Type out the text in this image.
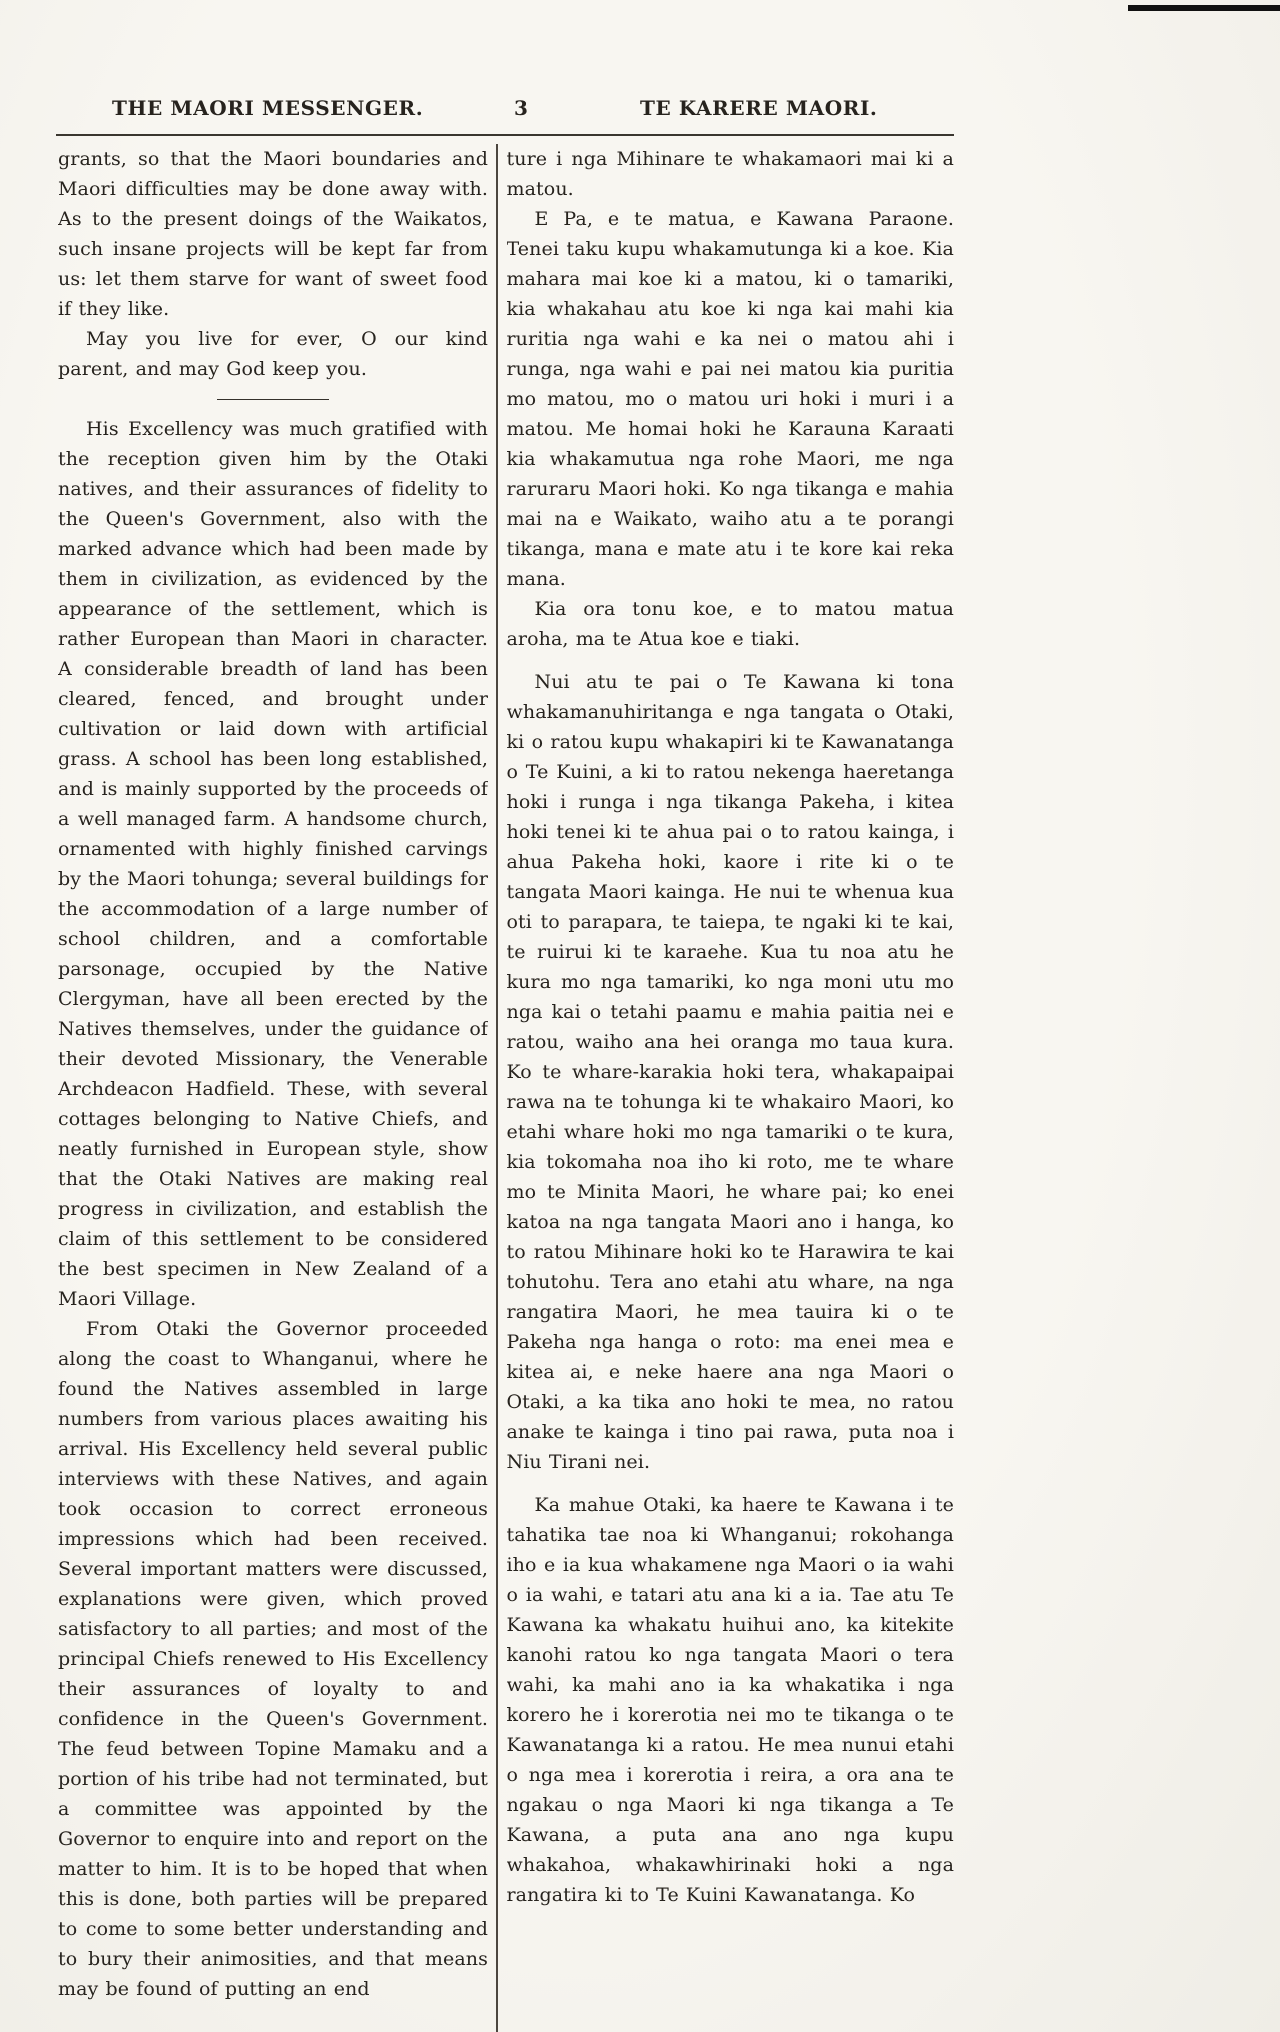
THE MAORI MESSENGER.	3	TE KARERE MAORI.

grants, so that the Maori boundaries and Maori difficulties may be done away with. As to the present doings of the Waikatos, such insane projects will be kept far from us: let them starve for want of sweet food if they like.

May you live for ever, O our kind parent, and may God keep you.

His Excellency was much gratified with the reception given him by the Otaki natives, and their assurances of fidelity to the Queen's Government, also with the marked advance which had been made by them in civilization, as evidenced by the appearance of the settlement, which is rather European than Maori in character. A considerable breadth of land has been cleared, fenced, and brought under cultivation or laid down with artificial grass. A school has been long established, and is mainly supported by the proceeds of a well managed farm. A handsome church, ornamented with highly finished carvings by the Maori tohunga; several buildings for the accommodation of a large number of school children, and a comfortable parsonage, occupied by the Native Clergyman, have all been erected by the Natives themselves, under the guidance of their devoted Missionary, the Venerable Archdeacon Hadfield. These, with several cottages belonging to Native Chiefs, and neatly furnished in European style, show that the Otaki Natives are making real progress in civilization, and establish the claim of this settlement to be considered the best specimen in New Zealand of a Maori Village.

From Otaki the Governor proceeded along the coast to Whanganui, where he found the Natives assembled in large numbers from various places awaiting his arrival. His Excellency held several public interviews with these Natives, and again took occasion to correct erroneous impressions which had been received. Several important matters were discussed, explanations were given, which proved satisfactory to all parties; and most of the principal Chiefs renewed to His Excellency their assurances of loyalty to and confidence in the Queen's Government. The feud between Topine Mamaku and a portion of his tribe had not terminated, but a committee was appointed by the Governor to enquire into and report on the matter to him. It is to be hoped that when this is done, both parties will be prepared to come to some better understanding and to bury their animosities, and that means may be found of putting an end

ture i nga Mihinare te whakamaori mai ki a matou.

E Pa, e te matua, e Kawana Paraone. Tenei taku kupu whakamutunga ki a koe. Kia mahara mai koe ki a matou, ki o tamariki, kia whakahau atu koe ki nga kai mahi kia ruritia nga wahi e ka nei o matou ahi i runga, nga wahi e pai nei matou kia puritia mo matou, mo o matou uri hoki i muri i a matou. Me homai hoki he Karauna Karaati kia whakamutua nga rohe Maori, me nga raruraru Maori hoki. Ko nga tikanga e mahia mai na e Waikato, waiho atu a te porangi tikanga, mana e mate atu i te kore kai reka mana.

Kia ora tonu koe, e to matou matua aroha, ma te Atua koe e tiaki.

Nui atu te pai o Te Kawana ki tona whakamanuhiritanga e nga tangata o Otaki, ki o ratou kupu whakapiri ki te Kawanatanga o Te Kuini, a ki to ratou nekenga haeretanga hoki i runga i nga tikanga Pakeha, i kitea hoki tenei ki te ahua pai o to ratou kainga, i ahua Pakeha hoki, kaore i rite ki o te tangata Maori kainga. He nui te whenua kua oti to parapara, te taiepa, te ngaki ki te kai, te ruirui ki te karaehe. Kua tu noa atu he kura mo nga tamariki, ko nga moni utu mo nga kai o tetahi paamu e mahia paitia nei e ratou, waiho ana hei oranga mo taua kura. Ko te whare-karakia hoki tera, whakapaipai rawa na te tohunga ki te whakairo Maori, ko etahi whare hoki mo nga tamariki o te kura, kia tokomaha noa iho ki roto, me te whare mo te Minita Maori, he whare pai; ko enei katoa na nga tangata Maori ano i hanga, ko to ratou Mihinare hoki ko te Harawira te kai tohutohu. Tera ano etahi atu whare, na nga rangatira Maori, he mea tauira ki o te Pakeha nga hanga o roto: ma enei mea e kitea ai, e neke haere ana nga Maori o Otaki, a ka tika ano hoki te mea, no ratou anake te kainga i tino pai rawa, puta noa i Niu Tirani nei.

Ka mahue Otaki, ka haere te Kawana i te tahatika tae noa ki Whanganui; rokohanga iho e ia kua whakamene nga Maori o ia wahi o ia wahi, e tatari atu ana ki a ia. Tae atu Te Kawana ka whakatu huihui ano, ka kitekite kanohi ratou ko nga tangata Maori o tera wahi, ka mahi ano ia ka whakatika i nga korero he i korerotia nei mo te tikanga o te Kawanatanga ki a ratou. He mea nunui etahi o nga mea i korerotia i reira, a ora ana te ngakau o nga Maori ki nga tikanga a Te Kawana, a puta ana ano nga kupu whakahoa, whakawhirinaki hoki a nga rangatira ki to Te Kuini Kawanatanga. Ko
